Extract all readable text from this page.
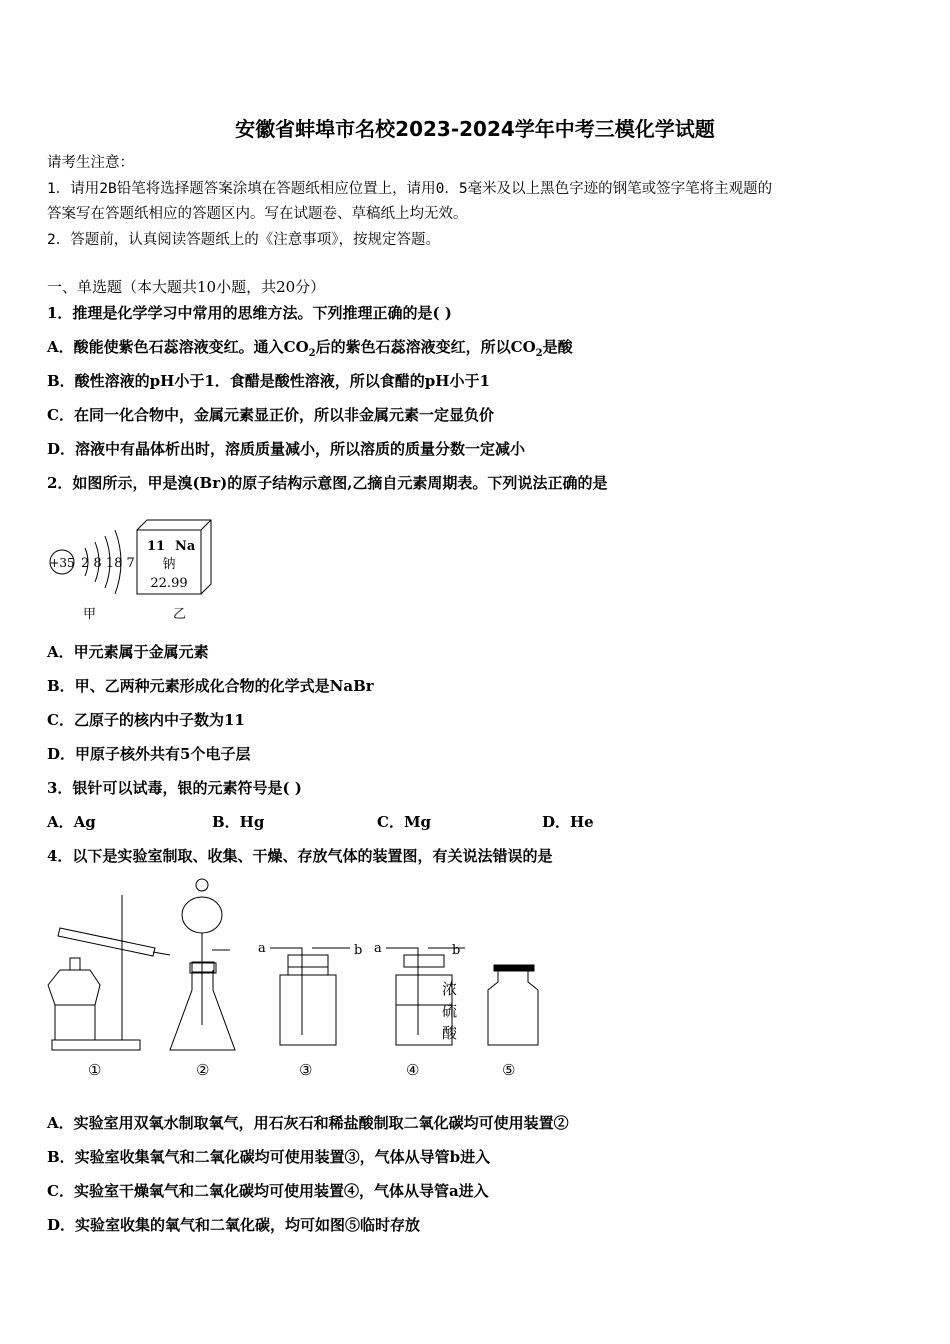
安徽省蚌埠市名校2023-2024学年中考三模化学试题
请考生注意：
1．请用2B铅笔将选择题答案涂填在答题纸相应位置上，请用0．5毫米及以上黑色字迹的钢笔或签字笔将主观题的
答案写在答题纸相应的答题区内。写在试题卷、草稿纸上均无效。
2．答题前，认真阅读答题纸上的《注意事项》，按规定答题。
一、单选题（本大题共10小题，共20分）
1．推理是化学学习中常用的思维方法。下列推理正确的是( )
A．酸能使紫色石蕊溶液变红。通入$CO_2$后的紫色石蕊溶液变红，所以$CO_2$是酸
B．酸性溶液的pH小于1．食醋是酸性溶液，所以食醋的pH小于1
C．在同一化合物中，金属元素显正价，所以非金属元素一定显负价
D．溶液中有晶体析出时，溶质质量减小，所以溶质的质量分数一定减小
2．如图所示，甲是溴(Br)的原子结构示意图,乙摘自元素周期表。下列说法正确的是
+35 2 8 18 7
甲
11 Na
钠
22.99
乙
A．甲元素属于金属元素
B．甲、乙两种元素形成化合物的化学式是NaBr
C．乙原子的核内中子数为11
D．甲原子核外共有5个电子层
3．银针可以试毒，银的元素符号是( )
A．Ag	B．Hg	C．Mg	D．He
4．以下是实验室制取、收集、干燥、存放气体的装置图，有关说法错误的是
a	b a	b
浓
硫
酸
①	②	③	④	⑤
A．实验室用双氧水制取氧气，用石灰石和稀盐酸制取二氧化碳均可使用装置②
B．实验室收集氧气和二氧化碳均可使用装置③，气体从导管b进入
C．实验室干燥氧气和二氧化碳均可使用装置④，气体从导管a进入
D．实验室收集的氧气和二氧化碳，均可如图⑤临时存放
